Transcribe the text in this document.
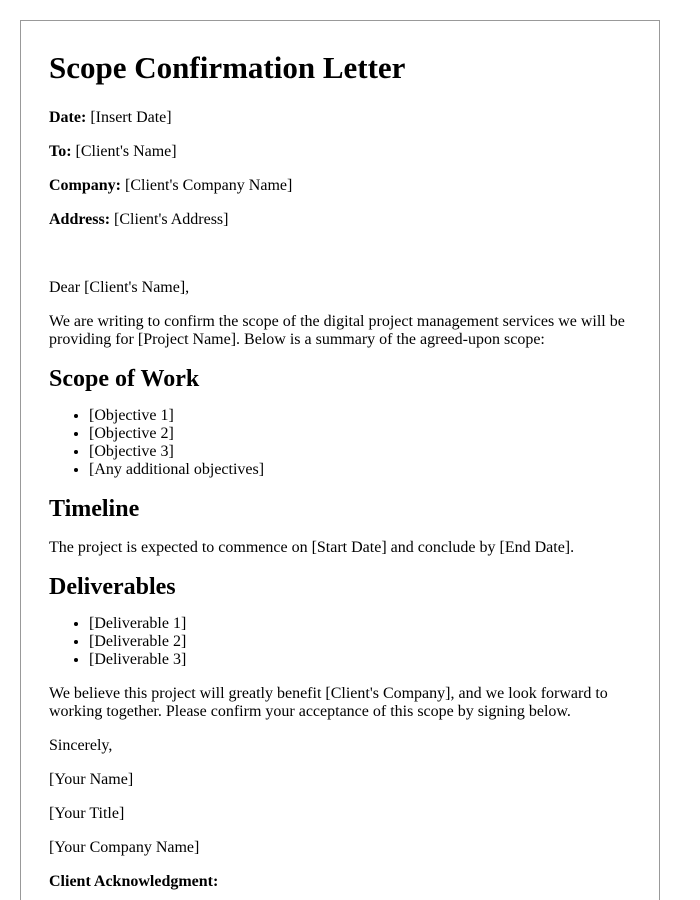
Scope Confirmation Letter

Date: [Insert Date]

To: [Client's Name]

Company: [Client's Company Name]

Address: [Client's Address]

Dear [Client's Name],

We are writing to confirm the scope of the digital project management services we will be providing for [Project Name]. Below is a summary of the agreed-upon scope:

Scope of Work
• [Objective 1]
• [Objective 2]
• [Objective 3]
• [Any additional objectives]
Timeline

The project is expected to commence on [Start Date] and conclude by [End Date].

Deliverables
• [Deliverable 1]
• [Deliverable 2]
• [Deliverable 3]

We believe this project will greatly benefit [Client's Company], and we look forward to working together. Please confirm your acceptance of this scope by signing below.

Sincerely,

[Your Name]

[Your Title]

[Your Company Name]

Client Acknowledgment:
